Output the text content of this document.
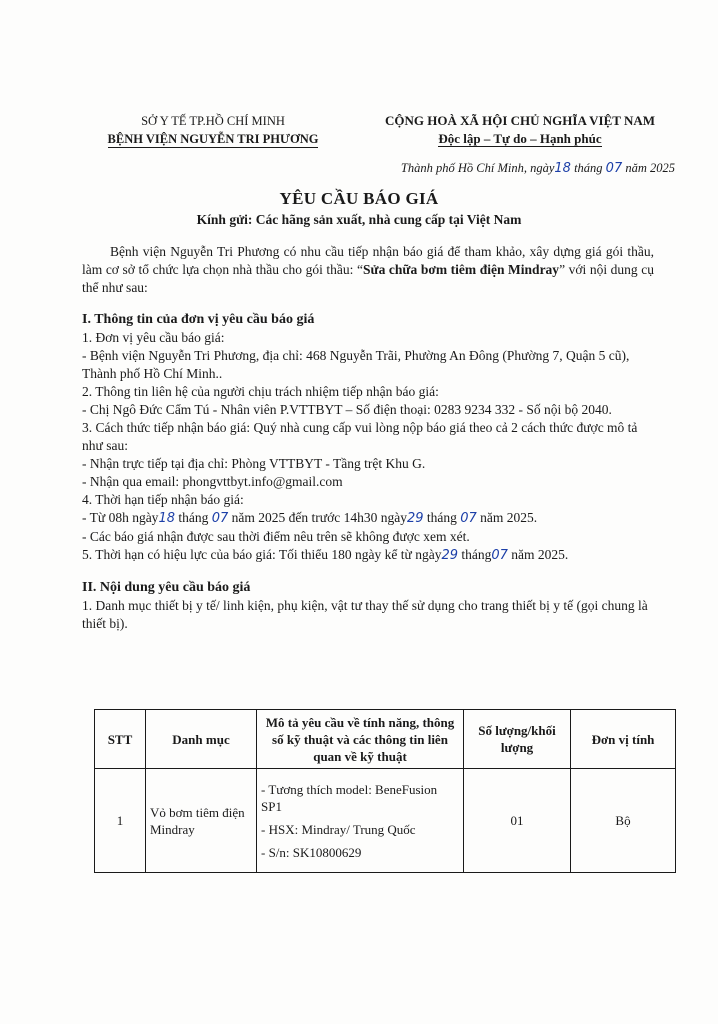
SỞ Y TẾ TP.HỒ CHÍ MINH
BỆNH VIỆN NGUYỄN TRI PHƯƠNG
CỘNG HOÀ XÃ HỘI CHỦ NGHĨA VIỆT NAM
Độc lập – Tự do – Hạnh phúc
Thành phố Hồ Chí Minh, ngày18 tháng 07 năm 2025
YÊU CẦU BÁO GIÁ
Kính gửi: Các hãng sản xuất, nhà cung cấp tại Việt Nam

Bệnh viện Nguyễn Tri Phương có nhu cầu tiếp nhận báo giá để tham khảo, xây dựng giá gói thầu, làm cơ sở tổ chức lựa chọn nhà thầu cho gói thầu: “Sửa chữa bơm tiêm điện Mindray” với nội dung cụ thể như sau:

I. Thông tin của đơn vị yêu cầu báo giá

1. Đơn vị yêu cầu báo giá:

- Bệnh viện Nguyễn Tri Phương, địa chỉ: 468 Nguyễn Trãi, Phường An Đông (Phường 7, Quận 5 cũ), Thành phố Hồ Chí Minh..

2. Thông tin liên hệ của người chịu trách nhiệm tiếp nhận báo giá:

- Chị Ngô Đức Cẩm Tú - Nhân viên P.VTTBYT – Số điện thoại: 0283 9234 332 - Số nội bộ 2040.

3. Cách thức tiếp nhận báo giá: Quý nhà cung cấp vui lòng nộp báo giá theo cả 2 cách thức được mô tả như sau:

- Nhận trực tiếp tại địa chỉ: Phòng VTTBYT - Tầng trệt Khu G.

- Nhận qua email: phongvttbyt.info@gmail.com

4. Thời hạn tiếp nhận báo giá:

- Từ 08h ngày18 tháng 07 năm 2025 đến trước 14h30 ngày29 tháng 07 năm 2025.

- Các báo giá nhận được sau thời điểm nêu trên sẽ không được xem xét.

5. Thời hạn có hiệu lực của báo giá: Tối thiểu 180 ngày kể từ ngày29 tháng07 năm 2025.

II. Nội dung yêu cầu báo giá

1. Danh mục thiết bị y tế/ linh kiện, phụ kiện, vật tư thay thế sử dụng cho trang thiết bị y tế (gọi chung là thiết bị).

STT	Danh mục	Mô tả yêu cầu về tính năng, thông số kỹ thuật và các thông tin liên quan về kỹ thuật	Số lượng/khối lượng	Đơn vị tính
1	Vỏ bơm tiêm điện Mindray	- Tương thích model: BeneFusion SP1
- HSX: Mindray/ Trung Quốc
- S/n: SK10800629	01	Bộ
